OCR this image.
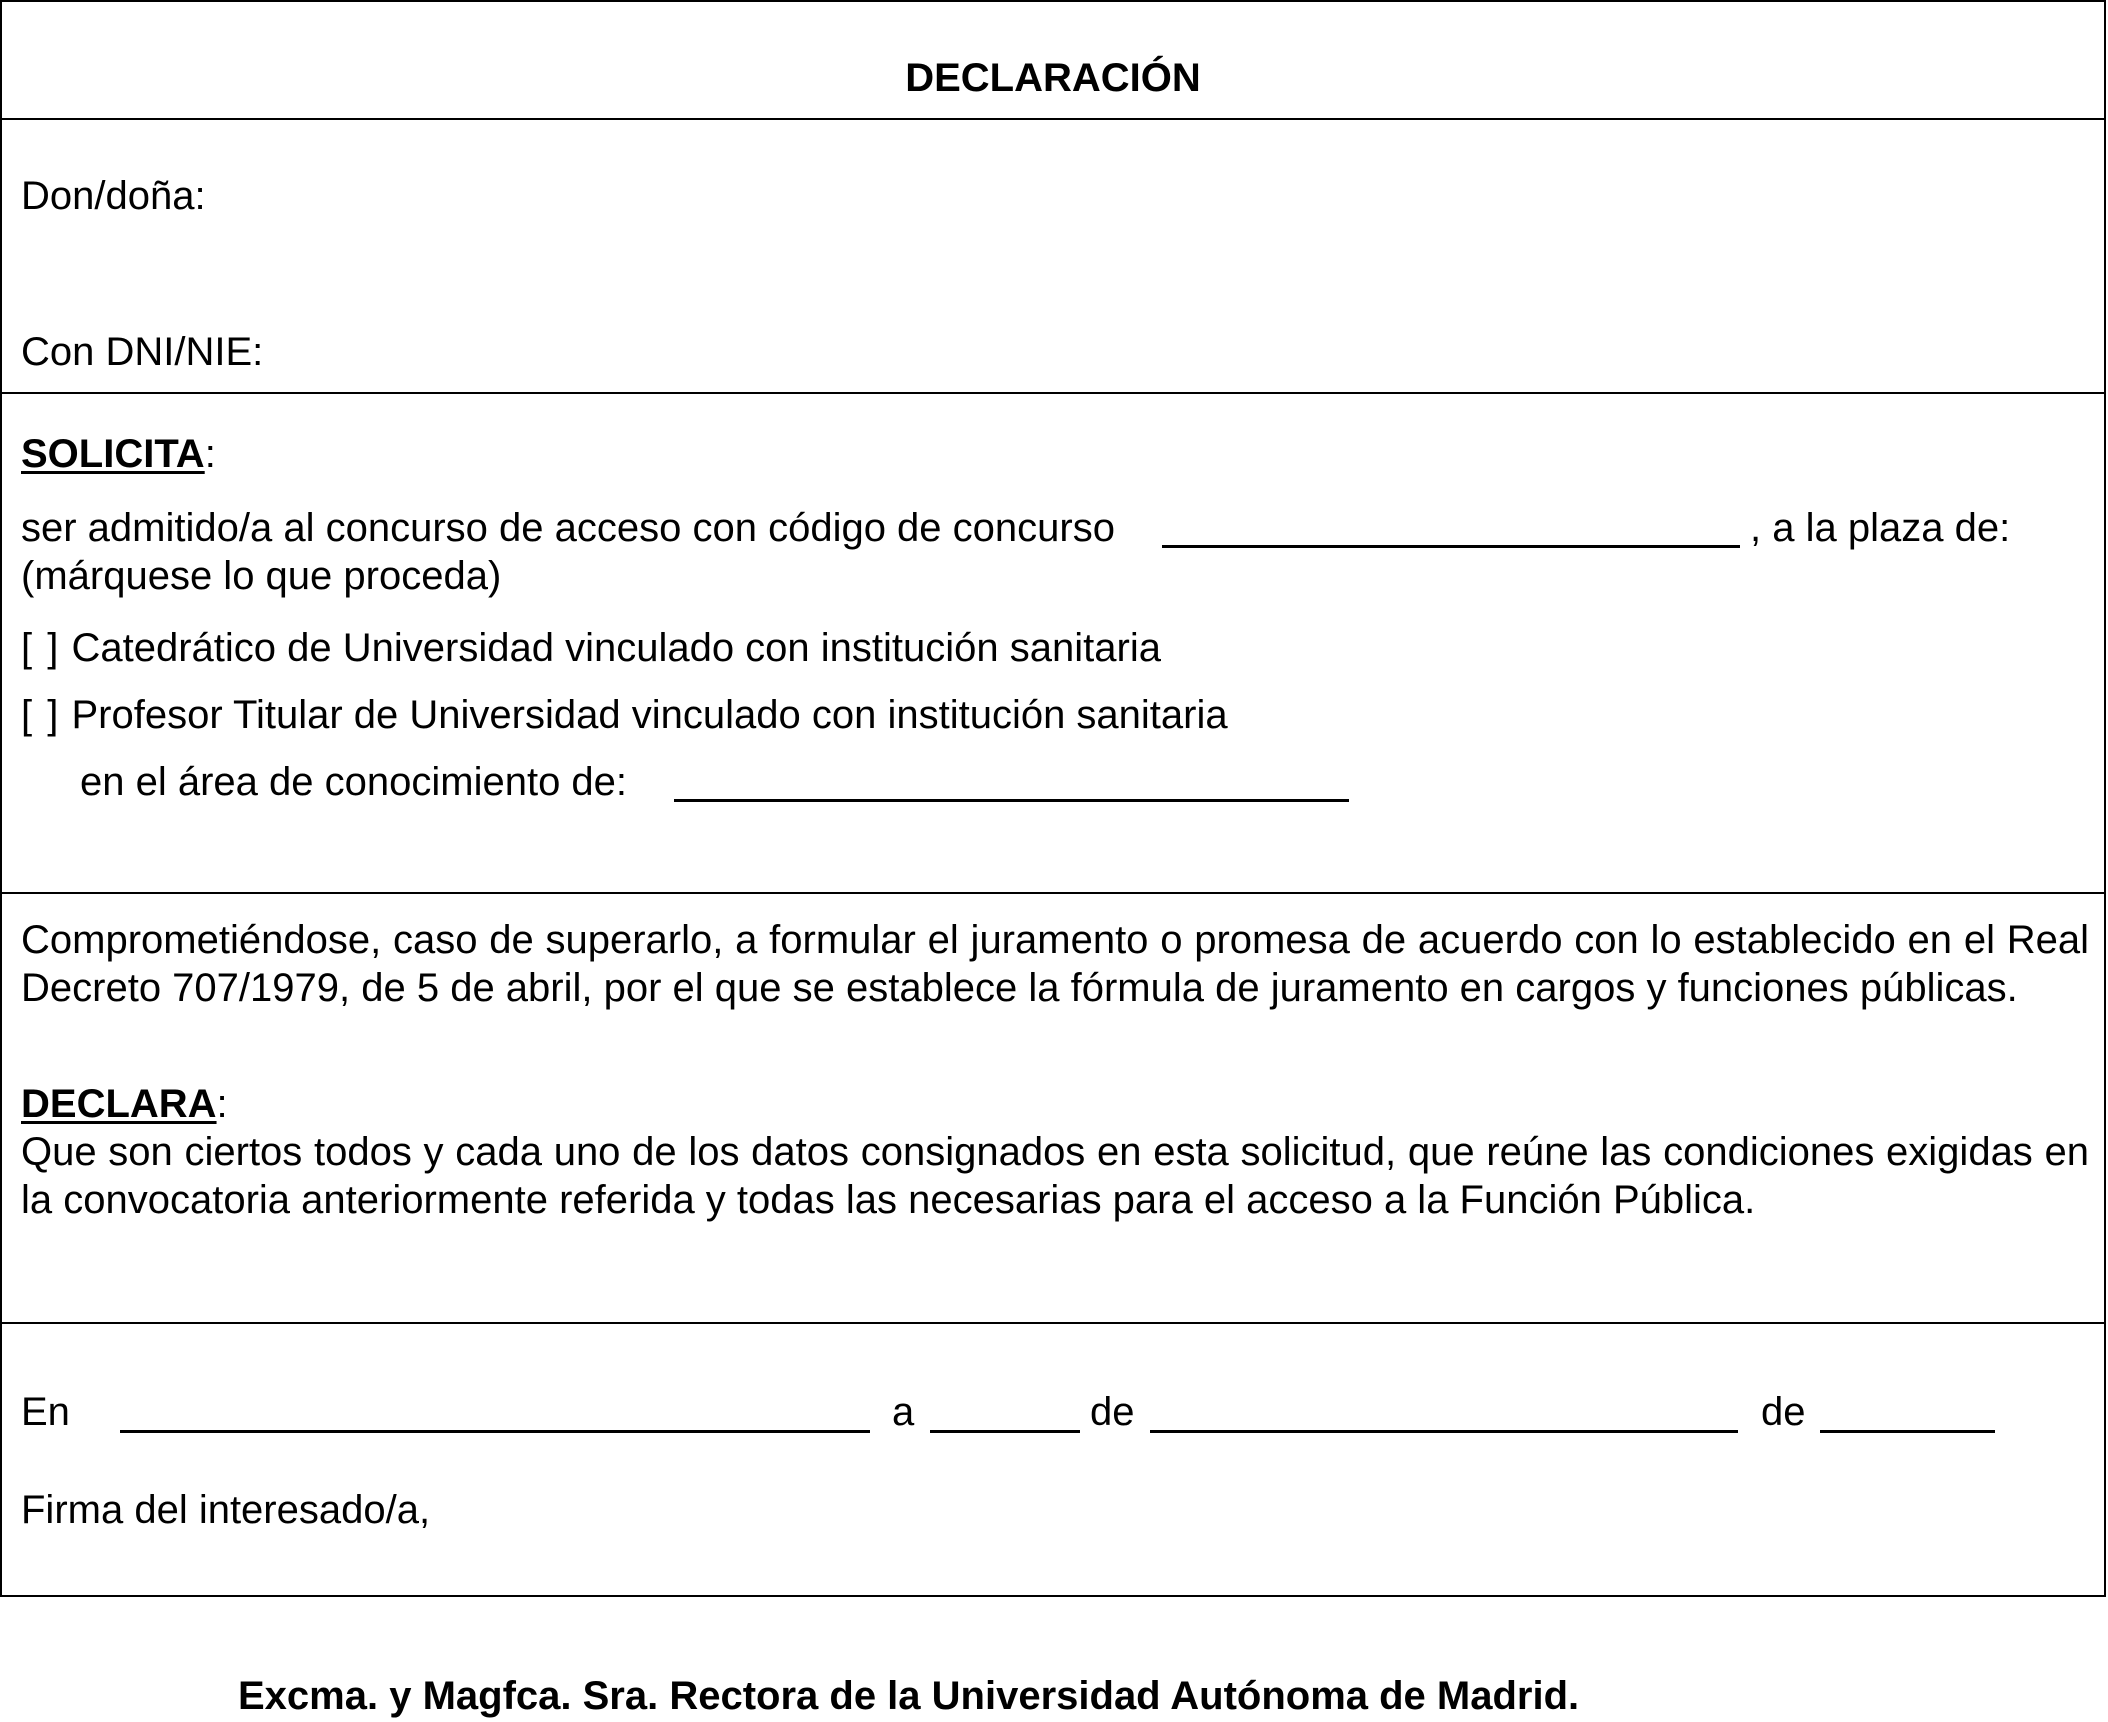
DECLARACIÓN
Don/doña:
Con DNI/NIE:
SOLICITA:
ser admitido/a al concurso de acceso con código de concurso	, a la plaza de:
(márquese lo que proceda)
[ ] Catedrático de Universidad vinculado con institución sanitaria
[ ] Profesor Titular de Universidad vinculado con institución sanitaria
en el área de conocimiento de:
Comprometiéndose, caso de superarlo, a formular el juramento o promesa de acuerdo con lo establecido en el Real Decreto 707/1979, de 5 de abril, por el que se establece la fórmula de juramento en cargos y funciones públicas.
DECLARA:
Que son ciertos todos y cada uno de los datos consignados en esta solicitud, que reúne las condiciones exigidas en la convocatoria anteriormente referida y todas las necesarias para el acceso a la Función Pública.
En	a	de	de
Firma del interesado/a,
Excma. y Magfca. Sra. Rectora de la Universidad Autónoma de Madrid.
